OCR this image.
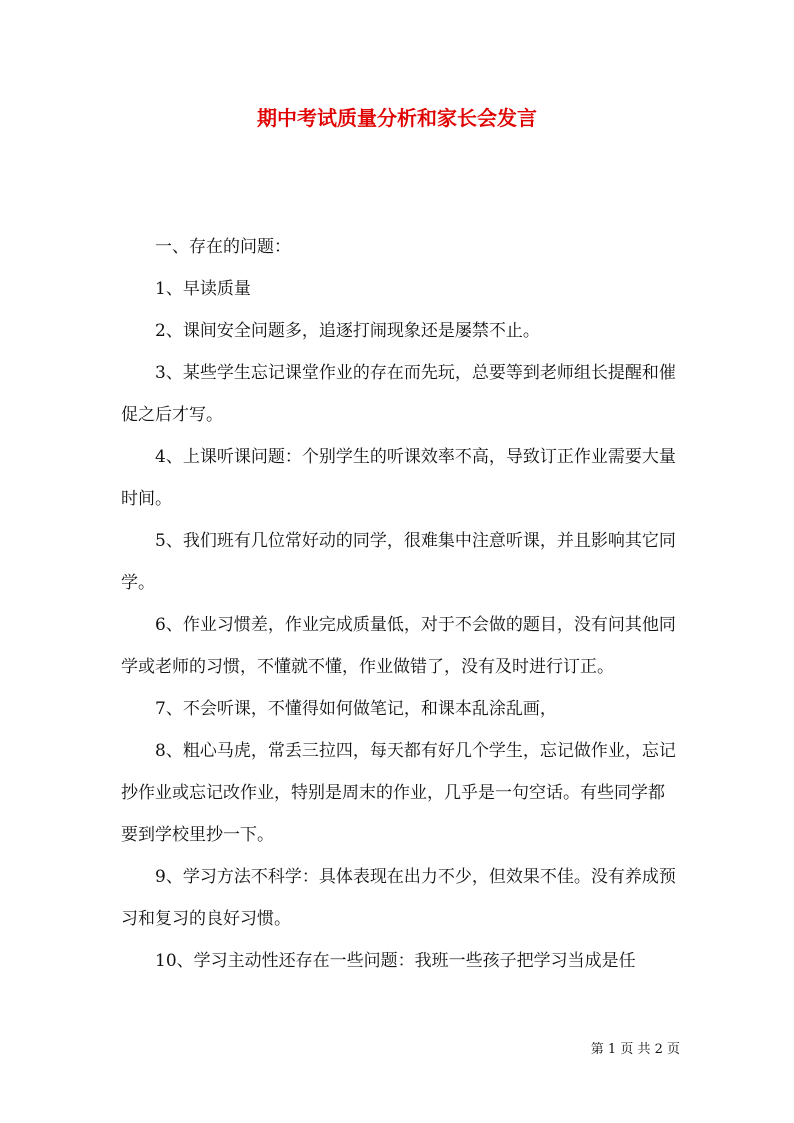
期中考试质量分析和家长会发言

一、存在的问题：

1、早读质量

2、课间安全问题多，追逐打闹现象还是屡禁不止。

3、某些学生忘记课堂作业的存在而先玩，总要等到老师组长提醒和催促之后才写。

4、上课听课问题：个别学生的听课效率不高，导致订正作业需要大量时间。

5、我们班有几位常好动的同学，很难集中注意听课，并且影响其它同学。

6、作业习惯差，作业完成质量低，对于不会做的题目，没有问其他同学或老师的习惯，不懂就不懂，作业做错了，没有及时进行订正。

7、不会听课，不懂得如何做笔记，和课本乱涂乱画，

8、粗心马虎，常丢三拉四，每天都有好几个学生，忘记做作业，忘记抄作业或忘记改作业，特别是周末的作业，几乎是一句空话。有些同学都要到学校里抄一下。

9、学习方法不科学：具体表现在出力不少，但效果不佳。没有养成预习和复习的良好习惯。

10、学习主动性还存在一些问题：我班一些孩子把学习当成是任

第 1 页 共 2 页
